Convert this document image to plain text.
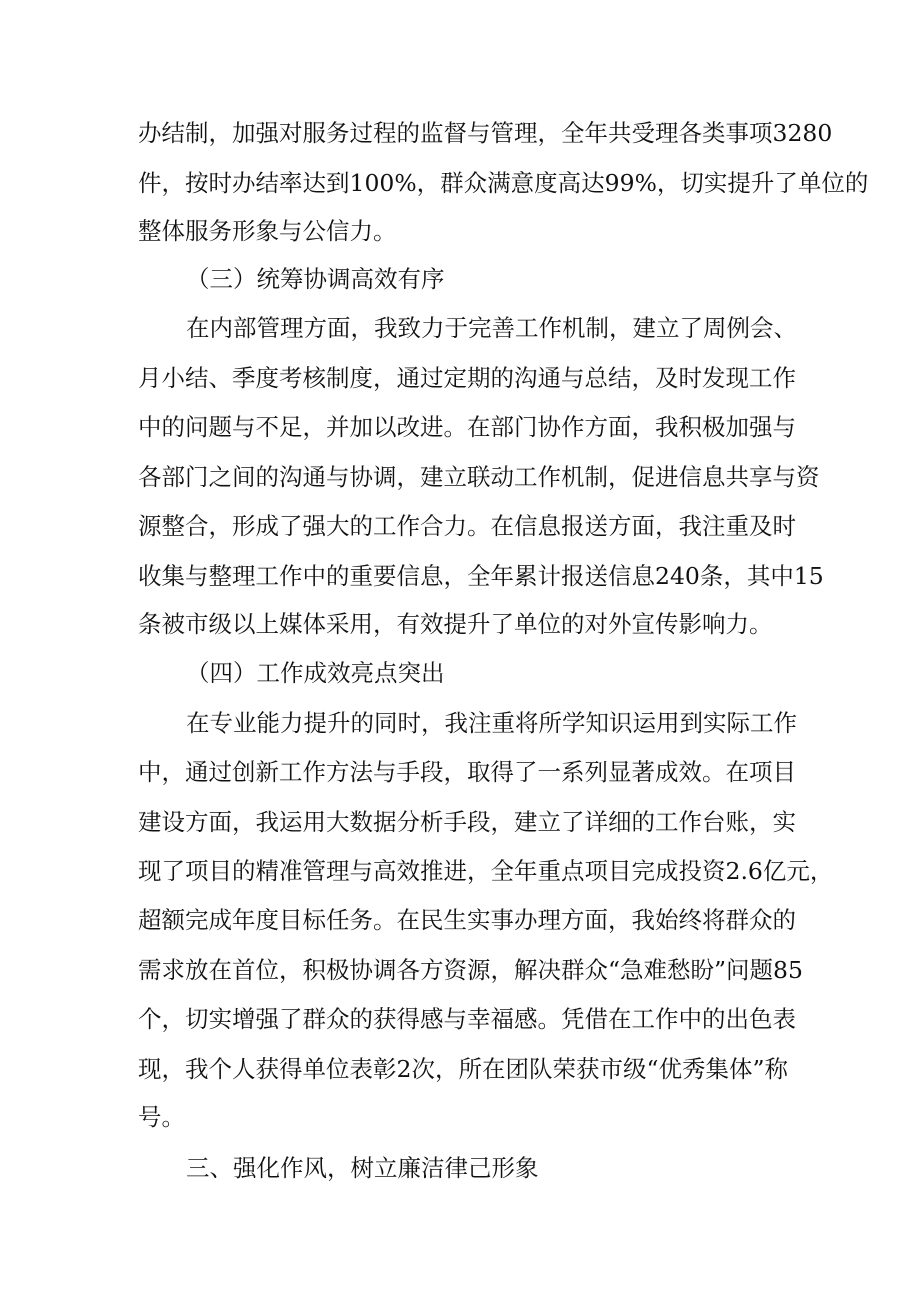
办结制，加强对服务过程的监督与管理，全年共受理各类事项3280
件，按时办结率达到100%，群众满意度高达99%，切实提升了单位的
整体服务形象与公信力。
（三）统筹协调高效有序
在内部管理方面，我致力于完善工作机制，建立了周例会、
月小结、季度考核制度，通过定期的沟通与总结，及时发现工作
中的问题与不足，并加以改进。在部门协作方面，我积极加强与
各部门之间的沟通与协调，建立联动工作机制，促进信息共享与资
源整合，形成了强大的工作合力。在信息报送方面，我注重及时
收集与整理工作中的重要信息，全年累计报送信息240条，其中15
条被市级以上媒体采用，有效提升了单位的对外宣传影响力。
（四）工作成效亮点突出
在专业能力提升的同时，我注重将所学知识运用到实际工作
中，通过创新工作方法与手段，取得了一系列显著成效。在项目
建设方面，我运用大数据分析手段，建立了详细的工作台账，实
现了项目的精准管理与高效推进，全年重点项目完成投资2.6亿元，
超额完成年度目标任务。在民生实事办理方面，我始终将群众的
需求放在首位，积极协调各方资源，解决群众“急难愁盼”问题85
个，切实增强了群众的获得感与幸福感。凭借在工作中的出色表
现，我个人获得单位表彰2次，所在团队荣获市级“优秀集体”称
号。
三、强化作风，树立廉洁律己形象
